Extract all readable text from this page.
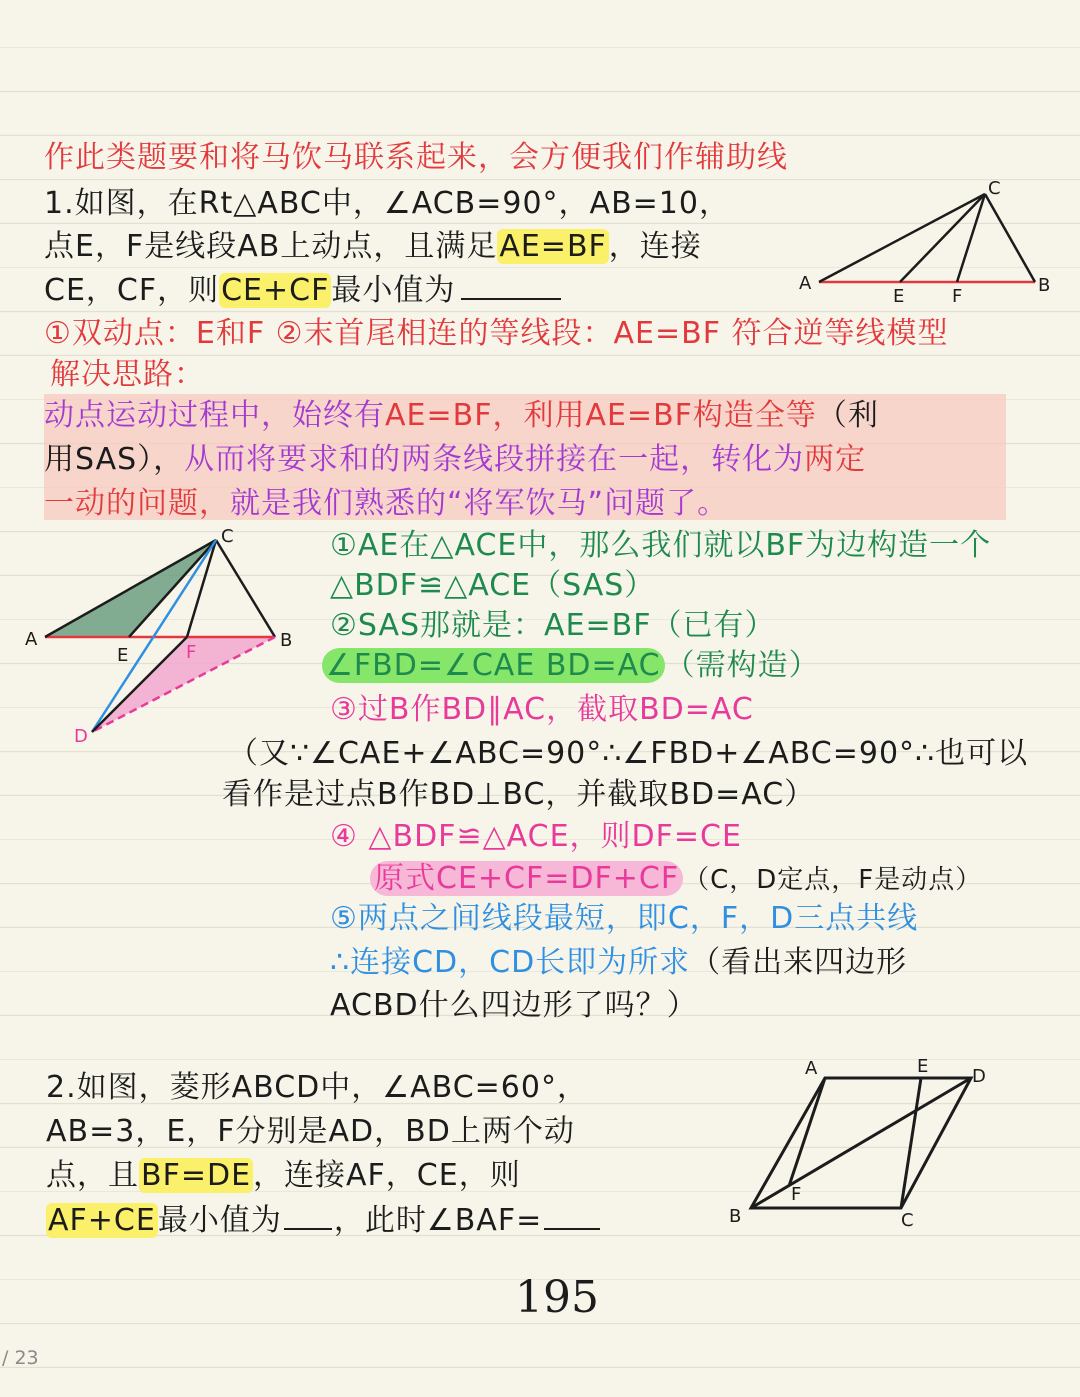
作此类题要和将马饮马联系起来，会方便我们作辅助线
1.如图，在Rt△ABC中，∠ACB=90°，AB=10，
点E，F是线段AB上动点，且满足AE=BF，连接
CE，CF，则CE+CF最小值为	A	B
C
E	F
①双动点：E和F ②末首尾相连的等线段：AE=BF 符合逆等线模型
解决思路：
动点运动过程中，始终有AE=BF，利用AE=BF构造全等（利
用SAS），从而将要求和的两条线段拼接在一起，转化为两定
一动的问题，就是我们熟悉的“将军饮马”问题了。
A	B
C
D
E	F
①AE在△ACE中，那么我们就以BF为边构造一个
△BDF≌△ACE（SAS）
②SAS那就是：AE=BF（已有）
∠FBD=∠CAE BD=AC （需构造）
③过B作BD∥AC，截取BD=AC
（又∵∠CAE+∠ABC=90°∴∠FBD+∠ABC=90°∴也可以
看作是过点B作BD⊥BC，并截取BD=AC）
④ △BDF≌△ACE，则DF=CE
原式CE+CF=DF+CF （C，D定点，F是动点）
⑤两点之间线段最短，即C，F，D三点共线
∴连接CD，CD长即为所求（看出来四边形
ACBD什么四边形了吗？）
2.如图，菱形ABCD中，∠ABC=60°，
AB=3，E，F分别是AD，BD上两个动
点，且BF=DE，连接AF，CE，则
AF+CE最小值为 ，此时∠BAF=
A
B	C
D
E
F
195
/ 23
